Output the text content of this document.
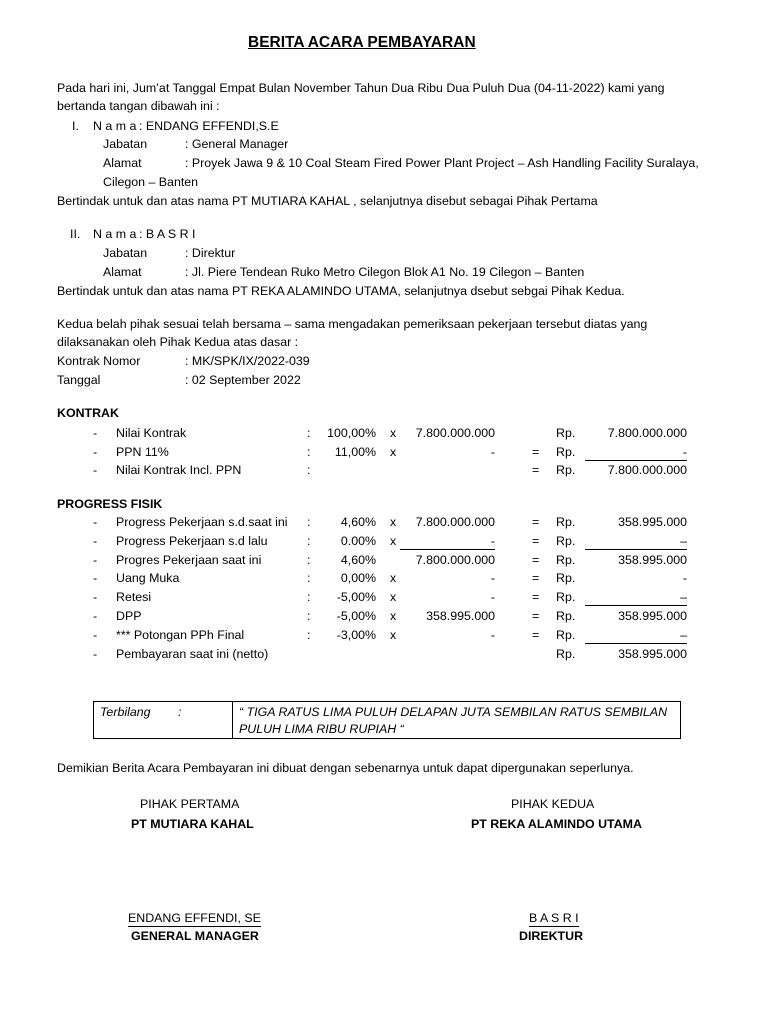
BERITA ACARA PEMBAYARAN
Pada hari ini, Jum’at Tanggal Empat Bulan November Tahun Dua Ribu Dua Puluh Dua (04-11-2022) kami yang
bertanda tangan dibawah ini :
I. N a m a : ENDANG EFFENDI,S.E
Jabatan	: General Manager
Alamat	: Proyek Jawa 9 & 10 Coal Steam Fired Power Plant Project – Ash Handling Facility Suralaya,
Cilegon – Banten
Bertindak untuk dan atas nama PT MUTIARA KAHAL , selanjutnya disebut sebagai Pihak Pertama
II. N a m a : B A S R I
Jabatan	: Direktur
Alamat	: Jl. Piere Tendean Ruko Metro Cilegon Blok A1 No. 19 Cilegon – Banten
Bertindak untuk dan atas nama PT REKA ALAMINDO UTAMA, selanjutnya dsebut sebgai Pihak Kedua.
Kedua belah pihak sesuai telah bersama – sama mengadakan pemeriksaan pekerjaan tersebut diatas yang
dilaksanakan oleh Pihak Kedua atas dasar :
Kontrak Nomor	: MK/SPK/IX/2022-039
Tanggal	: 02 September 2022
KONTRAK
-	Nilai Kontrak	:	100,00% x	7.800.000.000	Rp.	7.800.000.000
-	PPN 11%	:	11,00% x	-	= Rp.	-
-	Nilai Kontrak Incl. PPN	:	= Rp.	7.800.000.000
PROGRESS FISIK
-	Progress Pekerjaan s.d.saat ini	:	4,60% x	7.800.000.000	= Rp.	358.995.000
-	Progress Pekerjaan s.d lalu	:	0.00% x	-	= Rp.	–
-	Progres Pekerjaan saat ini	:	4,60%	7.800.000.000	= Rp.	358.995.000
-	Uang Muka	:	0,00% x	-	= Rp.	-
-	Retesi	:	-5,00% x	-	= Rp.	–
-	DPP	:	-5,00% x	358.995.000	= Rp.	358.995.000
-	*** Potongan PPh Final	:	-3,00% x	-	= Rp.	–
-	Pembayaran saat ini (netto)	Rp.	358.995.000
Terbilang        :	“ TIGA RATUS LIMA PULUH DELAPAN JUTA SEMBILAN RATUS SEMBILAN
PULUH LIMA RIBU RUPIAH “
Demikian Berita Acara Pembayaran ini dibuat dengan sebenarnya untuk dapat dipergunakan seperlunya.
PIHAK PERTAMA
PT MUTIARA KAHAL
ENDANG EFFENDI, SE
GENERAL MANAGER
PIHAK KEDUA
PT REKA ALAMINDO UTAMA
B A S R I
DIREKTUR
